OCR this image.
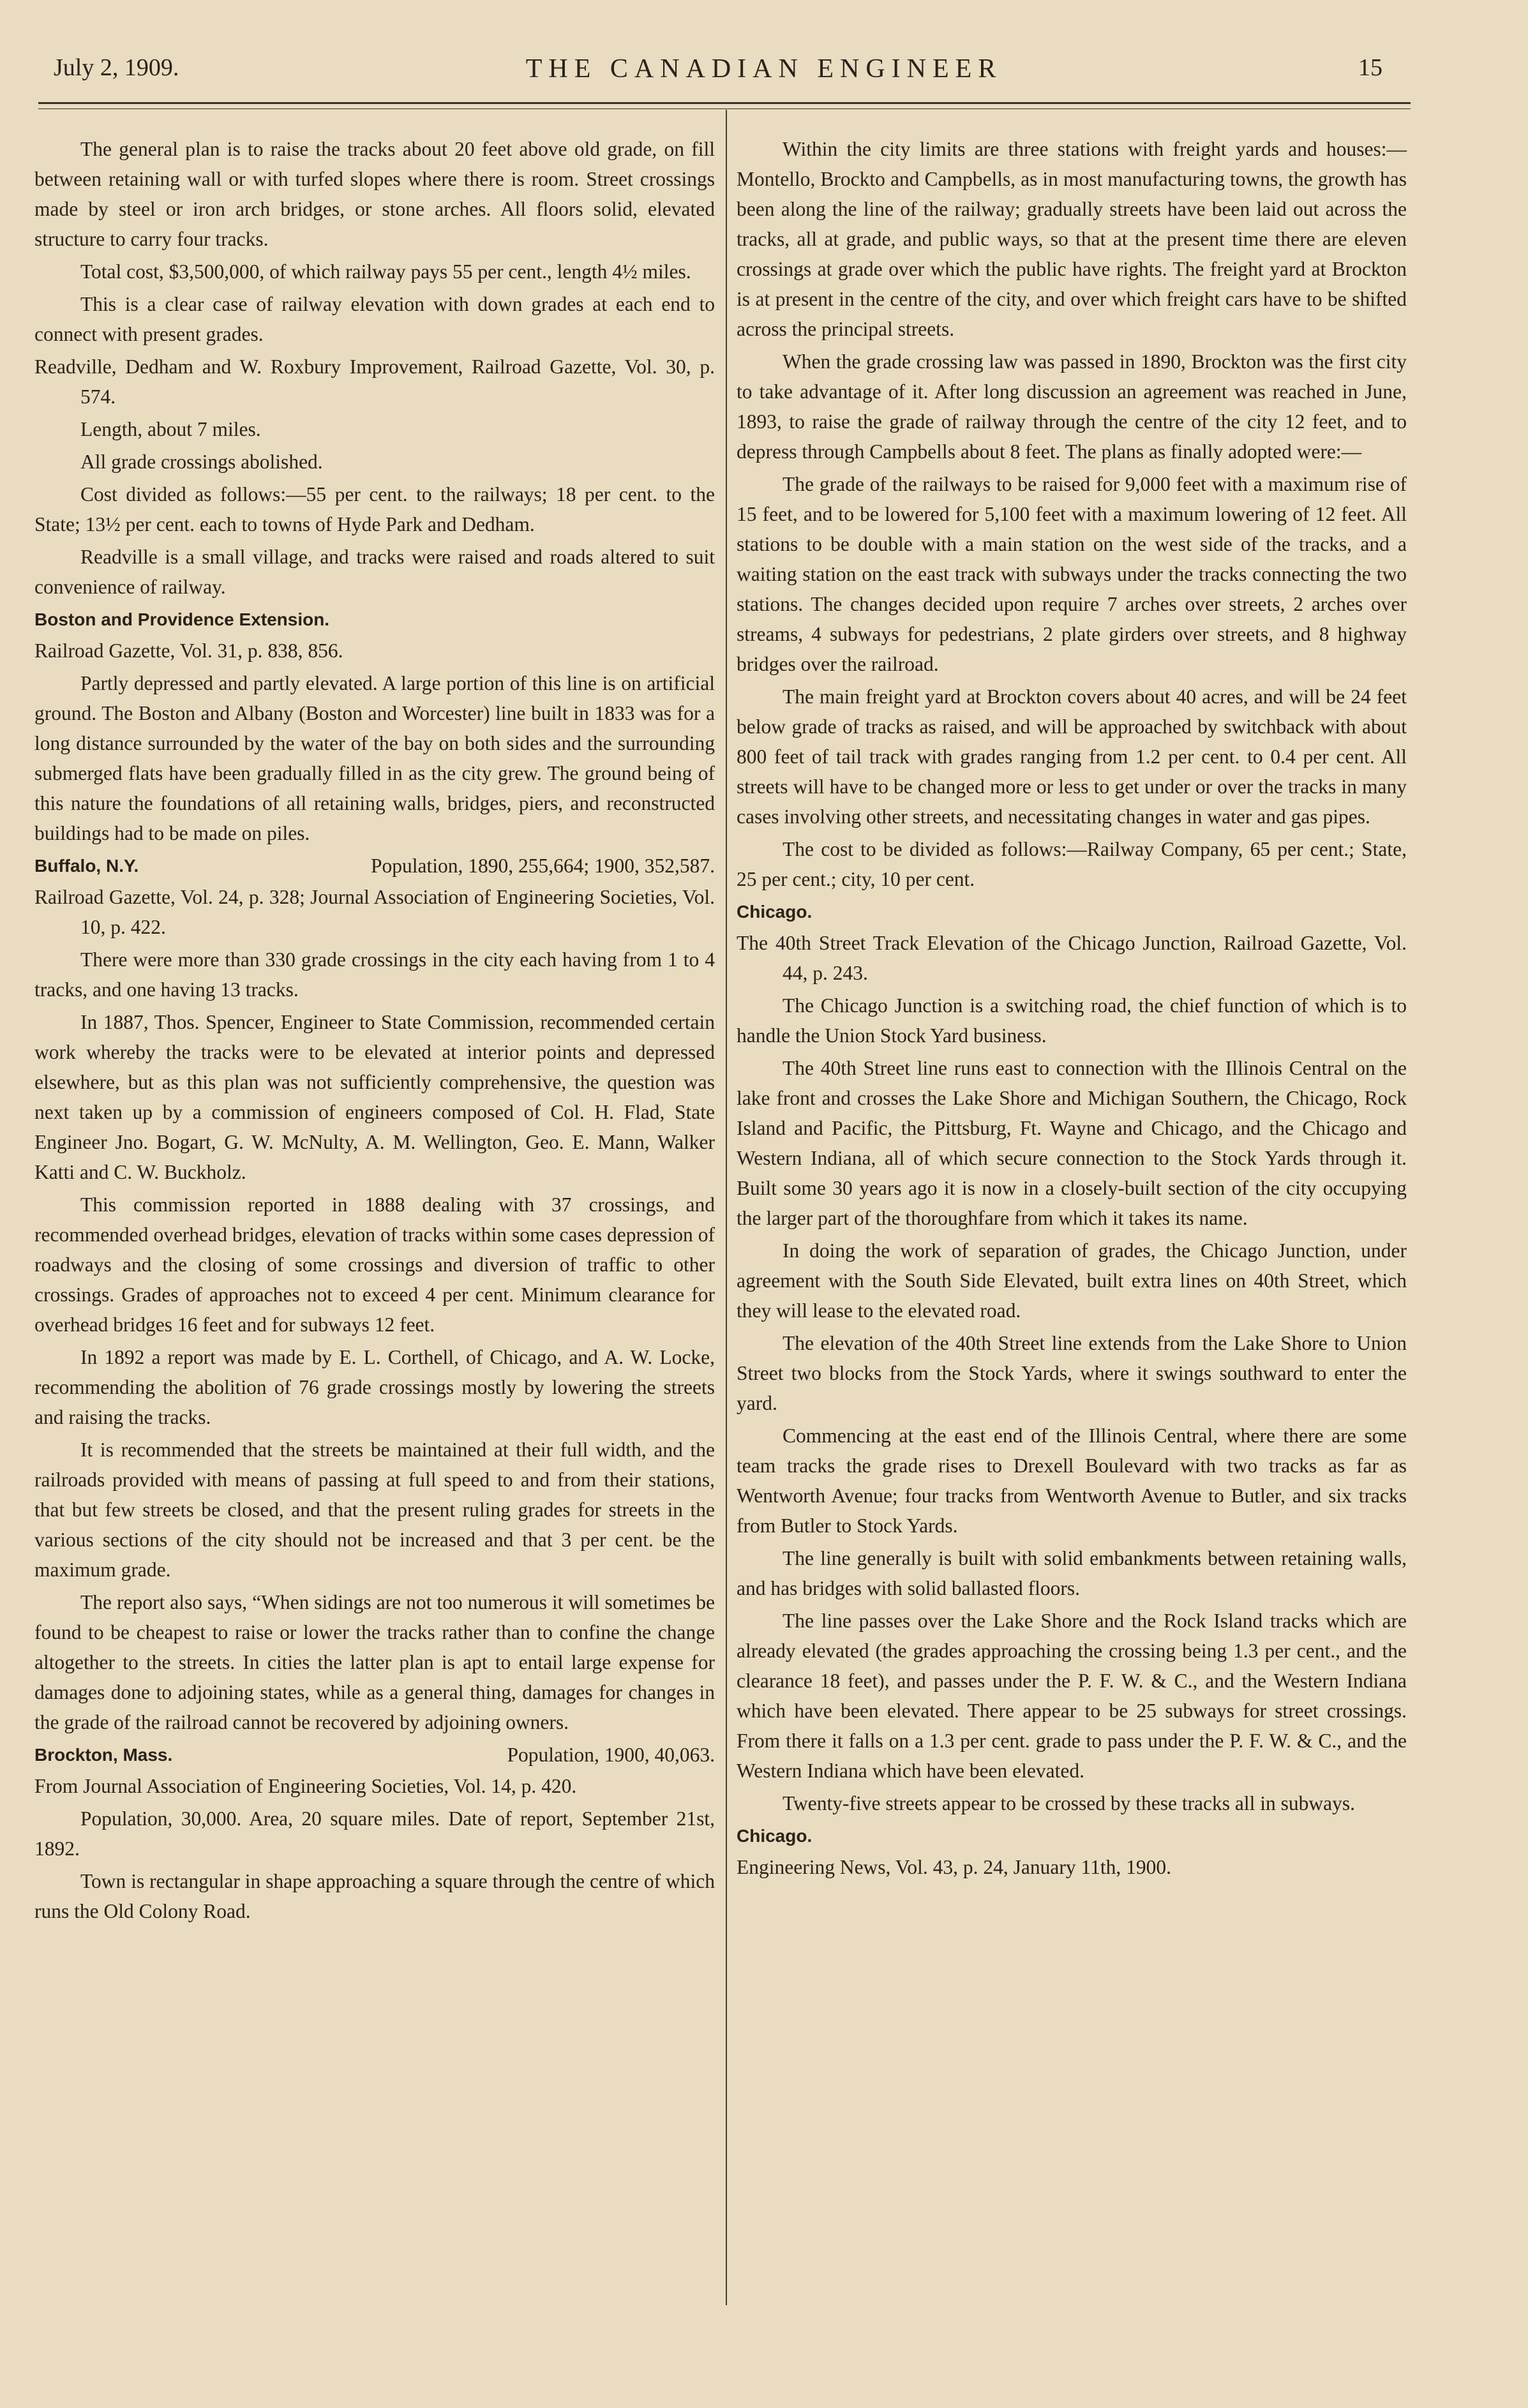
July 2, 1909.	THE CANADIAN ENGINEER	15

The general plan is to raise the tracks about 20 feet above old grade, on fill between retaining wall or with turfed slopes where there is room. Street crossings made by steel or iron arch bridges, or stone arches. All floors solid, elevated structure to carry four tracks.

Total cost, $3,500,000, of which railway pays 55 per cent., length 4½ miles.

This is a clear case of railway elevation with down grades at each end to connect with present grades.

Readville, Dedham and W. Roxbury Improvement, Railroad Gazette, Vol. 30, p. 574.

Length, about 7 miles.

All grade crossings abolished.

Cost divided as follows:—55 per cent. to the railways; 18 per cent. to the State; 13½ per cent. each to towns of Hyde Park and Dedham.

Readville is a small village, and tracks were raised and roads altered to suit convenience of railway.

Boston and Providence Extension.

Railroad Gazette, Vol. 31, p. 838, 856.

Partly depressed and partly elevated. A large portion of this line is on artificial ground. The Boston and Albany (Boston and Worcester) line built in 1833 was for a long distance surrounded by the water of the bay on both sides and the surrounding submerged flats have been gradually filled in as the city grew. The ground being of this nature the foundations of all retaining walls, bridges, piers, and reconstructed buildings had to be made on piles.

Population, 1890, 255,664; 1900, 352,587.
Buffalo, N.Y.

Railroad Gazette, Vol. 24, p. 328; Journal Association of Engineering Societies, Vol. 10, p. 422.

There were more than 330 grade crossings in the city each having from 1 to 4 tracks, and one having 13 tracks.

In 1887, Thos. Spencer, Engineer to State Commission, recommended certain work whereby the tracks were to be elevated at interior points and depressed elsewhere, but as this plan was not sufficiently comprehensive, the question was next taken up by a commission of engineers composed of Col. H. Flad, State Engineer Jno. Bogart, G. W. McNulty, A. M. Wellington, Geo. E. Mann, Walker Katti and C. W. Buckholz.

This commission reported in 1888 dealing with 37 crossings, and recommended overhead bridges, elevation of tracks within some cases depression of roadways and the closing of some crossings and diversion of traffic to other crossings. Grades of approaches not to exceed 4 per cent. Minimum clearance for overhead bridges 16 feet and for subways 12 feet.

In 1892 a report was made by E. L. Corthell, of Chicago, and A. W. Locke, recommending the abolition of 76 grade crossings mostly by lowering the streets and raising the tracks.

It is recommended that the streets be maintained at their full width, and the railroads provided with means of passing at full speed to and from their stations, that but few streets be closed, and that the present ruling grades for streets in the various sections of the city should not be increased and that 3 per cent. be the maximum grade.

The report also says, “When sidings are not too numerous it will sometimes be found to be cheapest to raise or lower the tracks rather than to confine the change altogether to the streets. In cities the latter plan is apt to entail large expense for damages done to adjoining states, while as a general thing, damages for changes in the grade of the railroad cannot be recovered by adjoining owners.

Population, 1900, 40,063.
Brockton, Mass.

From Journal Association of Engineering Societies, Vol. 14, p. 420.

Population, 30,000. Area, 20 square miles. Date of report, September 21st, 1892.

Town is rectangular in shape approaching a square through the centre of which runs the Old Colony Road.

Within the city limits are three stations with freight yards and houses:—Montello, Brockto and Campbells, as in most manufacturing towns, the growth has been along the line of the railway; gradually streets have been laid out across the tracks, all at grade, and public ways, so that at the present time there are eleven crossings at grade over which the public have rights. The freight yard at Brockton is at present in the centre of the city, and over which freight cars have to be shifted across the principal streets.

When the grade crossing law was passed in 1890, Brockton was the first city to take advantage of it. After long discussion an agreement was reached in June, 1893, to raise the grade of railway through the centre of the city 12 feet, and to depress through Campbells about 8 feet. The plans as finally adopted were:—

The grade of the railways to be raised for 9,000 feet with a maximum rise of 15 feet, and to be lowered for 5,100 feet with a maximum lowering of 12 feet. All stations to be double with a main station on the west side of the tracks, and a waiting station on the east track with subways under the tracks connecting the two stations. The changes decided upon require 7 arches over streets, 2 arches over streams, 4 subways for pedestrians, 2 plate girders over streets, and 8 highway bridges over the railroad.

The main freight yard at Brockton covers about 40 acres, and will be 24 feet below grade of tracks as raised, and will be approached by switchback with about 800 feet of tail track with grades ranging from 1.2 per cent. to 0.4 per cent. All streets will have to be changed more or less to get under or over the tracks in many cases involving other streets, and necessitating changes in water and gas pipes.

The cost to be divided as follows:—Railway Company, 65 per cent.; State, 25 per cent.; city, 10 per cent.

Chicago.

The 40th Street Track Elevation of the Chicago Junction, Railroad Gazette, Vol. 44, p. 243.

The Chicago Junction is a switching road, the chief function of which is to handle the Union Stock Yard business.

The 40th Street line runs east to connection with the Illinois Central on the lake front and crosses the Lake Shore and Michigan Southern, the Chicago, Rock Island and Pacific, the Pittsburg, Ft. Wayne and Chicago, and the Chicago and Western Indiana, all of which secure connection to the Stock Yards through it. Built some 30 years ago it is now in a closely-built section of the city occupying the larger part of the thoroughfare from which it takes its name.

In doing the work of separation of grades, the Chicago Junction, under agreement with the South Side Elevated, built extra lines on 40th Street, which they will lease to the elevated road.

The elevation of the 40th Street line extends from the Lake Shore to Union Street two blocks from the Stock Yards, where it swings southward to enter the yard.

Commencing at the east end of the Illinois Central, where there are some team tracks the grade rises to Drexell Boulevard with two tracks as far as Wentworth Avenue; four tracks from Wentworth Avenue to Butler, and six tracks from Butler to Stock Yards.

The line generally is built with solid embankments between retaining walls, and has bridges with solid ballasted floors.

The line passes over the Lake Shore and the Rock Island tracks which are already elevated (the grades approaching the crossing being 1.3 per cent., and the clearance 18 feet), and passes under the P. F. W. & C., and the Western Indiana which have been elevated. There appear to be 25 subways for street crossings. From there it falls on a 1.3 per cent. grade to pass under the P. F. W. & C., and the Western Indiana which have been elevated.

Twenty-five streets appear to be crossed by these tracks all in subways.

Chicago.

Engineering News, Vol. 43, p. 24, January 11th, 1900.
